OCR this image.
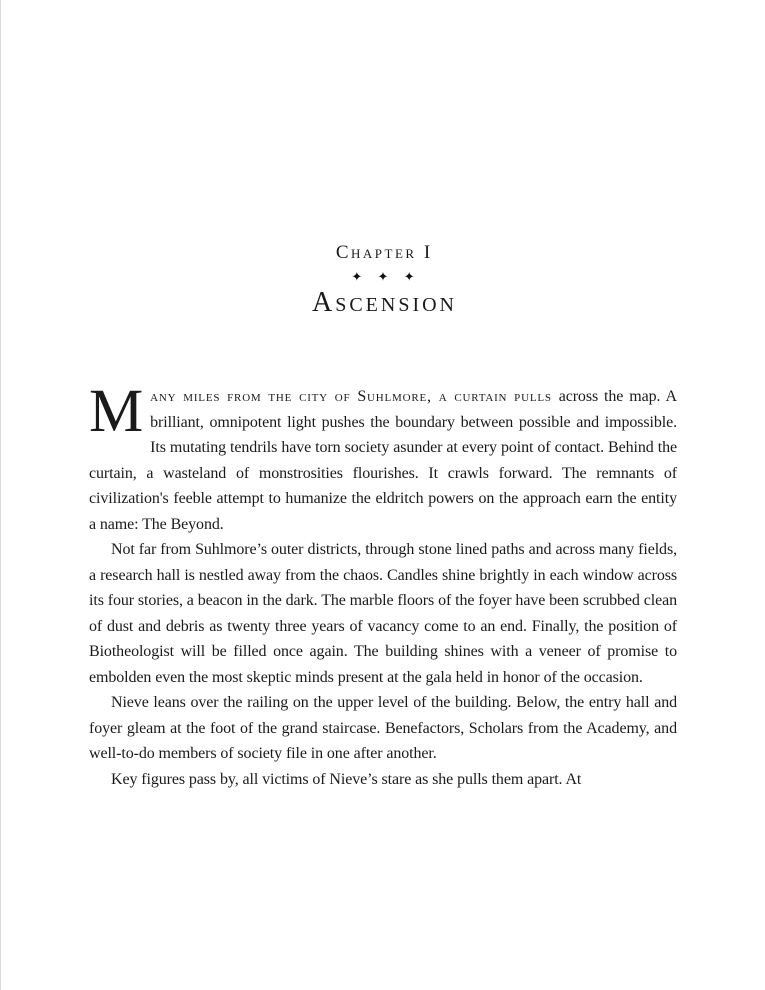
Chapter I
✦ ✦ ✦
Ascension

Many miles from the city of Suhlmore, a curtain pulls across the map. A brilliant, omnipotent light pushes the boundary between possible and impossible. Its mutating tendrils have torn society asunder at every point of contact. Behind the curtain, a wasteland of monstrosities flourishes. It crawls forward. The remnants of civilization's feeble attempt to humanize the eldritch powers on the approach earn the entity a name: The Beyond.

Not far from Suhlmore’s outer districts, through stone lined paths and across many fields, a research hall is nestled away from the chaos. Candles shine brightly in each window across its four stories, a beacon in the dark. The marble floors of the foyer have been scrubbed clean of dust and debris as twenty three years of vacancy come to an end. Finally, the position of Biotheologist will be filled once again. The building shines with a veneer of promise to embolden even the most skeptic minds present at the gala held in honor of the occasion.

Nieve leans over the railing on the upper level of the building. Below, the entry hall and foyer gleam at the foot of the grand staircase. Benefactors, Scholars from the Academy, and well-to-do members of society file in one after another.

Key figures pass by, all victims of Nieve’s stare as she pulls them apart. At
